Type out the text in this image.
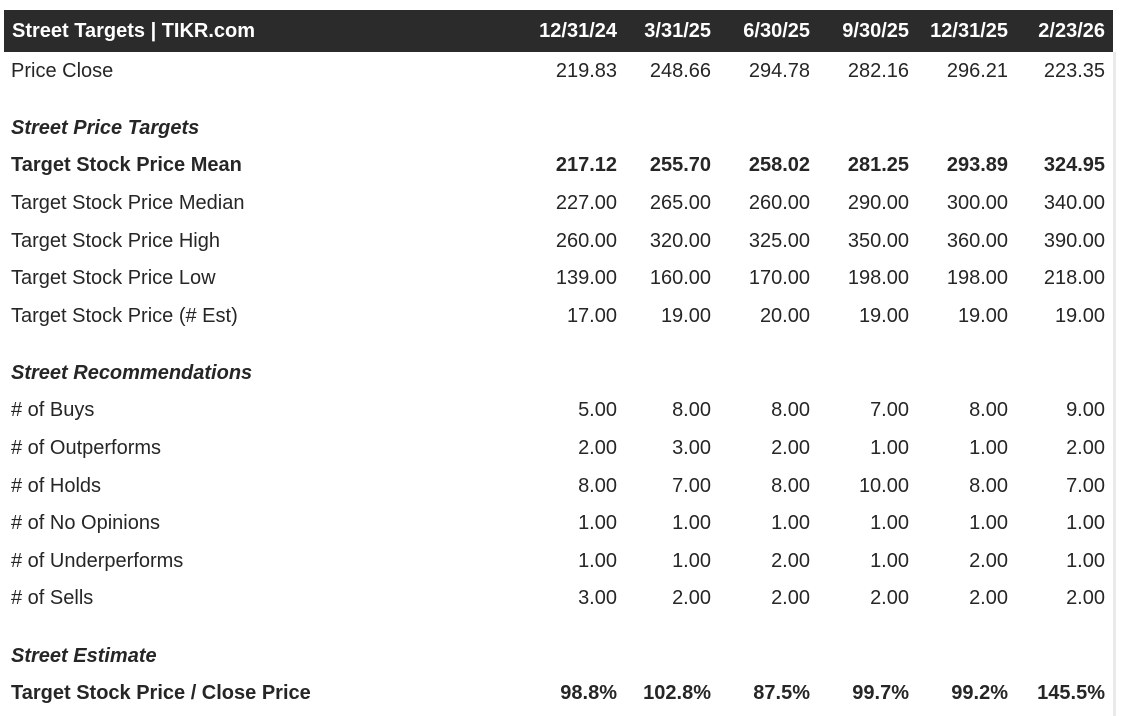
Street Targets | TIKR.com	12/31/24	3/31/25	6/30/25	9/30/25	12/31/25	2/23/26
Price Close	219.83	248.66	294.78	282.16	296.21	223.35
Street Price Targets
Target Stock Price Mean	217.12	255.70	258.02	281.25	293.89	324.95
Target Stock Price Median	227.00	265.00	260.00	290.00	300.00	340.00
Target Stock Price High	260.00	320.00	325.00	350.00	360.00	390.00
Target Stock Price Low	139.00	160.00	170.00	198.00	198.00	218.00
Target Stock Price (# Est)	17.00	19.00	20.00	19.00	19.00	19.00
Street Recommendations
# of Buys	5.00	8.00	8.00	7.00	8.00	9.00
# of Outperforms	2.00	3.00	2.00	1.00	1.00	2.00
# of Holds	8.00	7.00	8.00	10.00	8.00	7.00
# of No Opinions	1.00	1.00	1.00	1.00	1.00	1.00
# of Underperforms	1.00	1.00	2.00	1.00	2.00	1.00
# of Sells	3.00	2.00	2.00	2.00	2.00	2.00
Street Estimate
Target Stock Price / Close Price	98.8%	102.8%	87.5%	99.7%	99.2%	145.5%
